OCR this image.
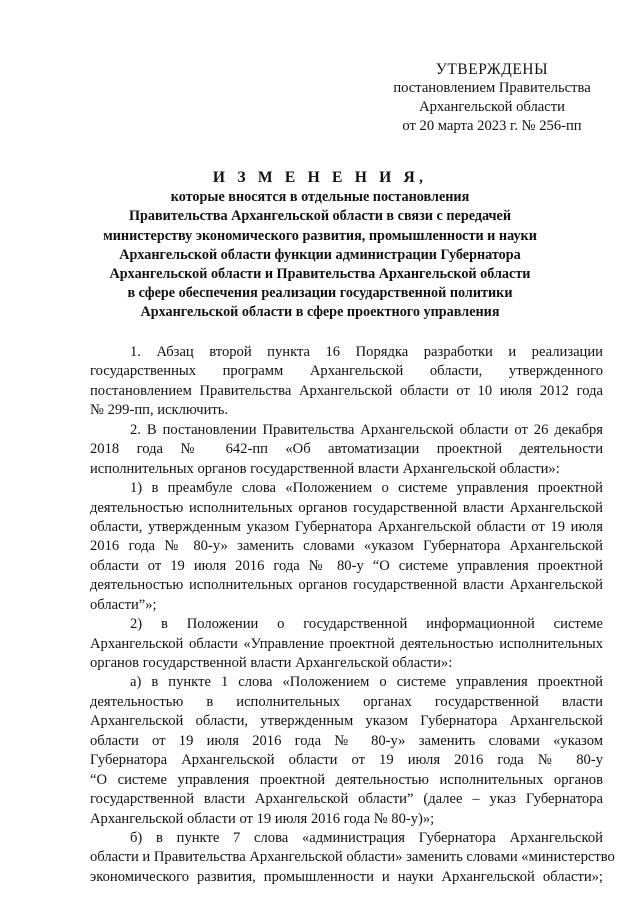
УТВЕРЖДЕНЫ
постановлением Правительства
Архангельской области
от 20 марта 2023 г. № 256-пп
И З М Е Н Е Н И Я,
которые вносятся в отдельные постановления
Правительства Архангельской области в связи с передачей
министерству экономического развития, промышленности и науки
Архангельской области функции администрации Губернатора
Архангельской области и Правительства Архангельской области
в сфере обеспечения реализации государственной политики
Архангельской области в сфере проектного управления
1. Абзац второй пункта 16 Порядка разработки и реализации
государственных программ Архангельской области, утвержденного
постановлением Правительства Архангельской области от 10 июля 2012 года
№ 299-пп, исключить.
2. В постановлении Правительства Архангельской области от 26 декабря
2018 года № 642-пп «Об автоматизации проектной деятельности
исполнительных органов государственной власти Архангельской области»:
1) в преамбуле слова «Положением о системе управления проектной
деятельностью исполнительных органов государственной власти Архангельской
области, утвержденным указом Губернатора Архангельской области от 19 июля
2016 года № 80-у» заменить словами «указом Губернатора Архангельской
области от 19 июля 2016 года № 80-у “О системе управления проектной
деятельностью исполнительных органов государственной власти Архангельской
области”»;
2) в Положении о государственной информационной системе
Архангельской области «Управление проектной деятельностью исполнительных
органов государственной власти Архангельской области»:
а) в пункте 1 слова «Положением о системе управления проектной
деятельностью в исполнительных органах государственной власти
Архангельской области, утвержденным указом Губернатора Архангельской
области от 19 июля 2016 года № 80-у» заменить словами «указом
Губернатора Архангельской области от 19 июля 2016 года № 80-у
“О системе управления проектной деятельностью исполнительных органов
государственной власти Архангельской области” (далее – указ Губернатора
Архангельской области от 19 июля 2016 года № 80-у)»;
б) в пункте 7 слова «администрация Губернатора Архангельской
области и Правительства Архангельской области» заменить словами «министерство
экономического развития, промышленности и науки Архангельской области»;
